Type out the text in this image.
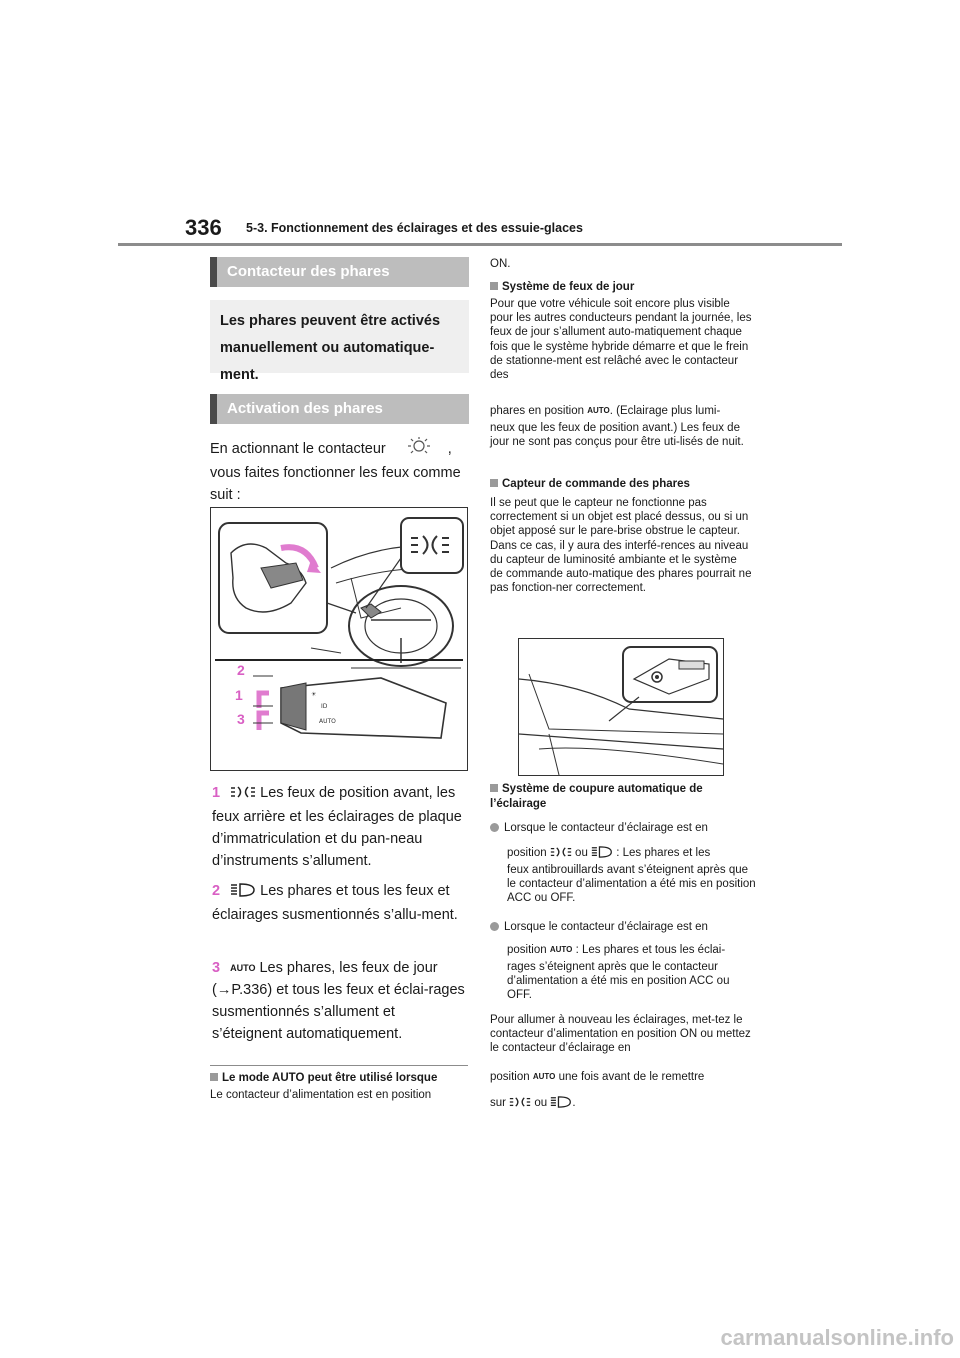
336 5-3. Fonctionnement des éclairages et des essuie-glaces
Contacteur des phares
Les phares peuvent être activés manuellement ou automatique-ment.
Activation des phares
En actionnant le contacteur	,
vous faites fonctionner les feux comme suit :
☀
ID
AUTO
2
1
3
1	Les feux de position avant, les feux arrière et les éclairages de plaque d’immatriculation et du pan-neau d’instruments s’allument.
2	Les phares et tous les feux et éclairages susmentionnés s’allu-ment.
3 AUTO Les phares, les feux de jour (→P.336) et tous les feux et éclai-rages susmentionnés s’allument et s’éteignent automatiquement.
Le mode AUTO peut être utilisé lorsque
Le contacteur d’alimentation est en position
ON.
Système de feux de jour
Pour que votre véhicule soit encore plus visible pour les autres conducteurs pendant la journée, les feux de jour s’allument auto-matiquement chaque fois que le système hybride démarre et que le frein de stationne-ment est relâché avec le contacteur des
phares en position AUTO. (Eclairage plus lumi-
neux que les feux de position avant.) Les feux de jour ne sont pas conçus pour être uti-lisés de nuit.
Capteur de commande des phares
Il se peut que le capteur ne fonctionne pas correctement si un objet est placé dessus, ou si un objet apposé sur le pare-brise obstrue le capteur. Dans ce cas, il y aura des interfé-rences au niveau du capteur de luminosité ambiante et le système de commande auto-matique des phares pourrait ne pas fonction-ner correctement.
Système de coupure automatique de l’éclairage
Lorsque le contacteur d’éclairage est en
position ou : Les phares et les
feux antibrouillards avant s’éteignent après que le contacteur d’alimentation a été mis en position ACC ou OFF.
Lorsque le contacteur d’éclairage est en
position AUTO : Les phares et tous les éclai-
rages s’éteignent après que le contacteur d’alimentation a été mis en position ACC ou OFF.
Pour allumer à nouveau les éclairages, met-tez le contacteur d’alimentation en position ON ou mettez le contacteur d’éclairage en
position AUTO une fois avant de le remettre
sur ou .
carmanualsonline.info
